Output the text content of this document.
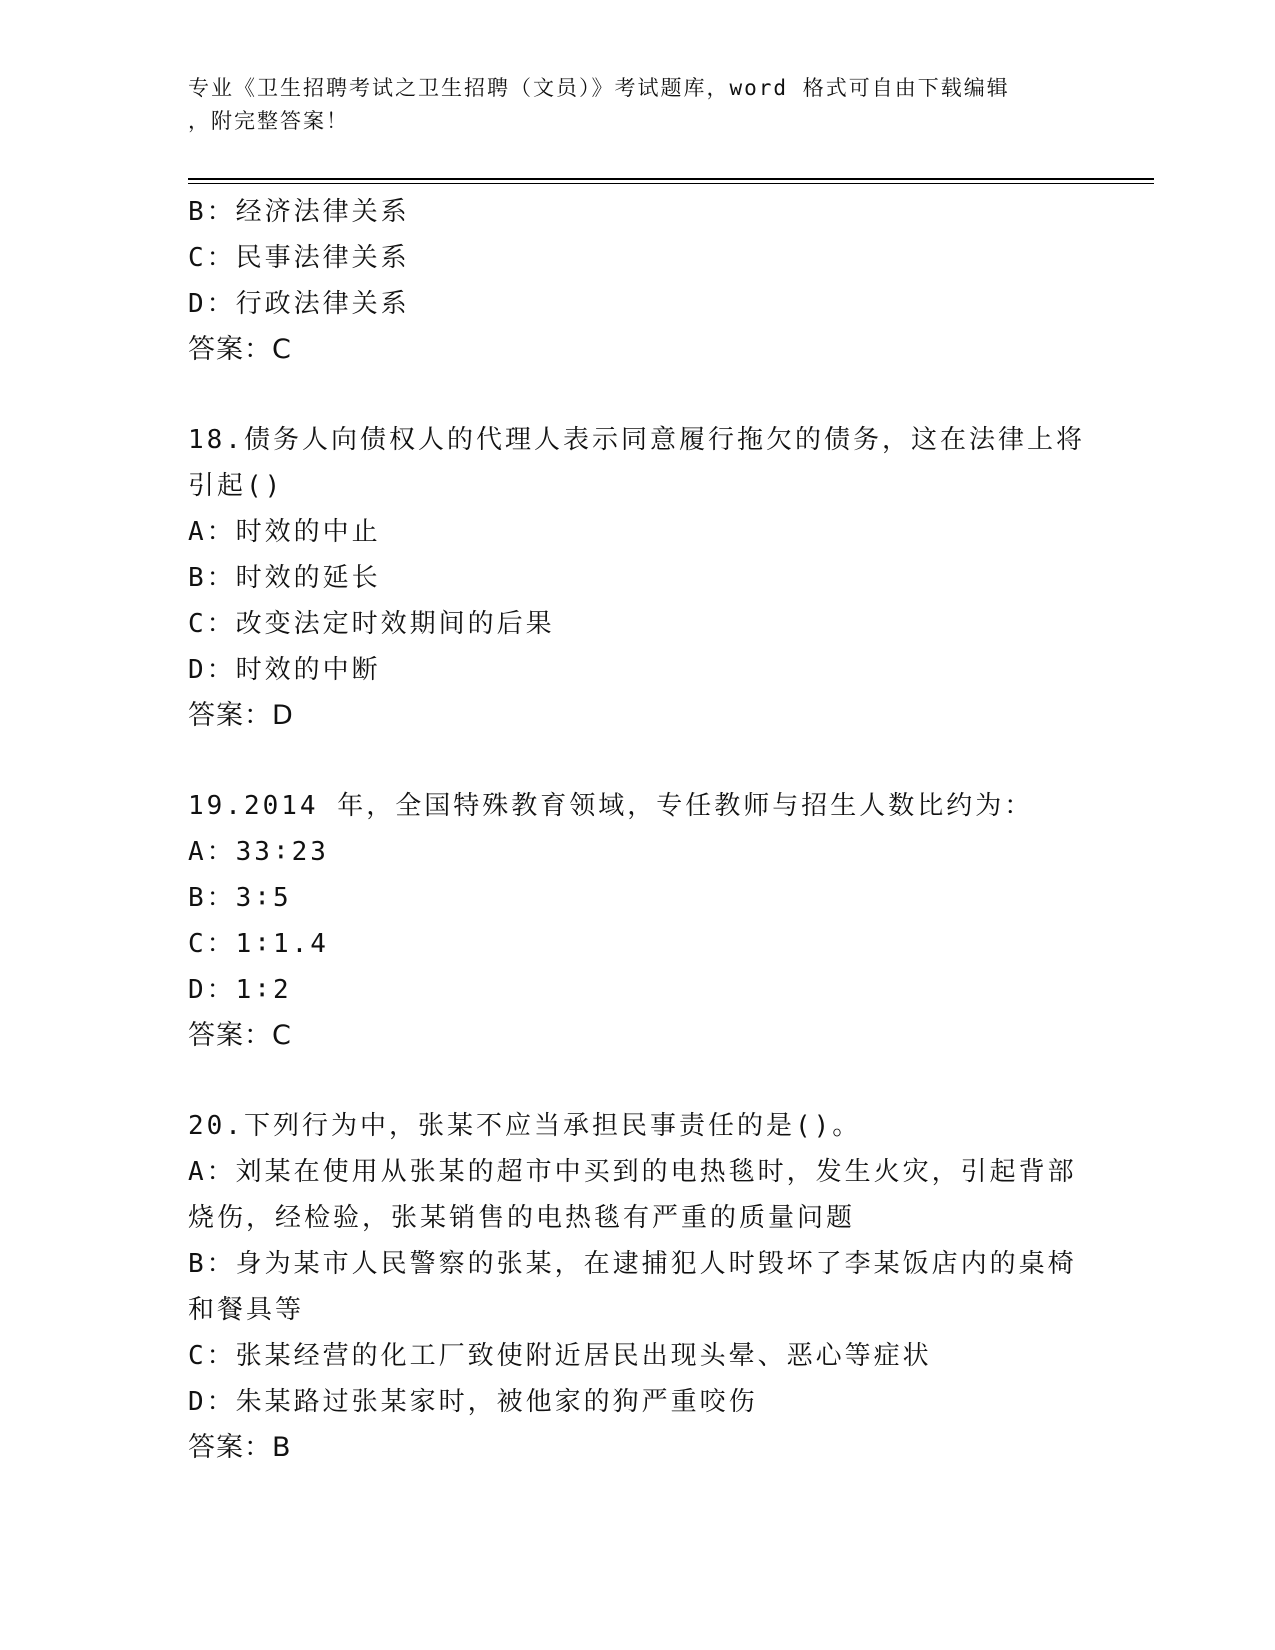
专业《卫生招聘考试之卫生招聘（文员）》考试题库，word 格式可自由下载编辑
，附完整答案！
B：经济法律关系
C：民事法律关系
D：行政法律关系
答案：C
18.债务人向债权人的代理人表示同意履行拖欠的债务，这在法律上将
引起()
A：时效的中止
B：时效的延长
C：改变法定时效期间的后果
D：时效的中断
答案：D
19.2014 年，全国特殊教育领域，专任教师与招生人数比约为：
A：33∶23
B：3∶5
C：1∶1.4
D：1∶2
答案：C
20.下列行为中，张某不应当承担民事责任的是()。
A：刘某在使用从张某的超市中买到的电热毯时，发生火灾，引起背部
烧伤，经检验，张某销售的电热毯有严重的质量问题
B：身为某市人民警察的张某，在逮捕犯人时毁坏了李某饭店内的桌椅
和餐具等
C：张某经营的化工厂致使附近居民出现头晕、恶心等症状
D：朱某路过张某家时，被他家的狗严重咬伤
答案：B
